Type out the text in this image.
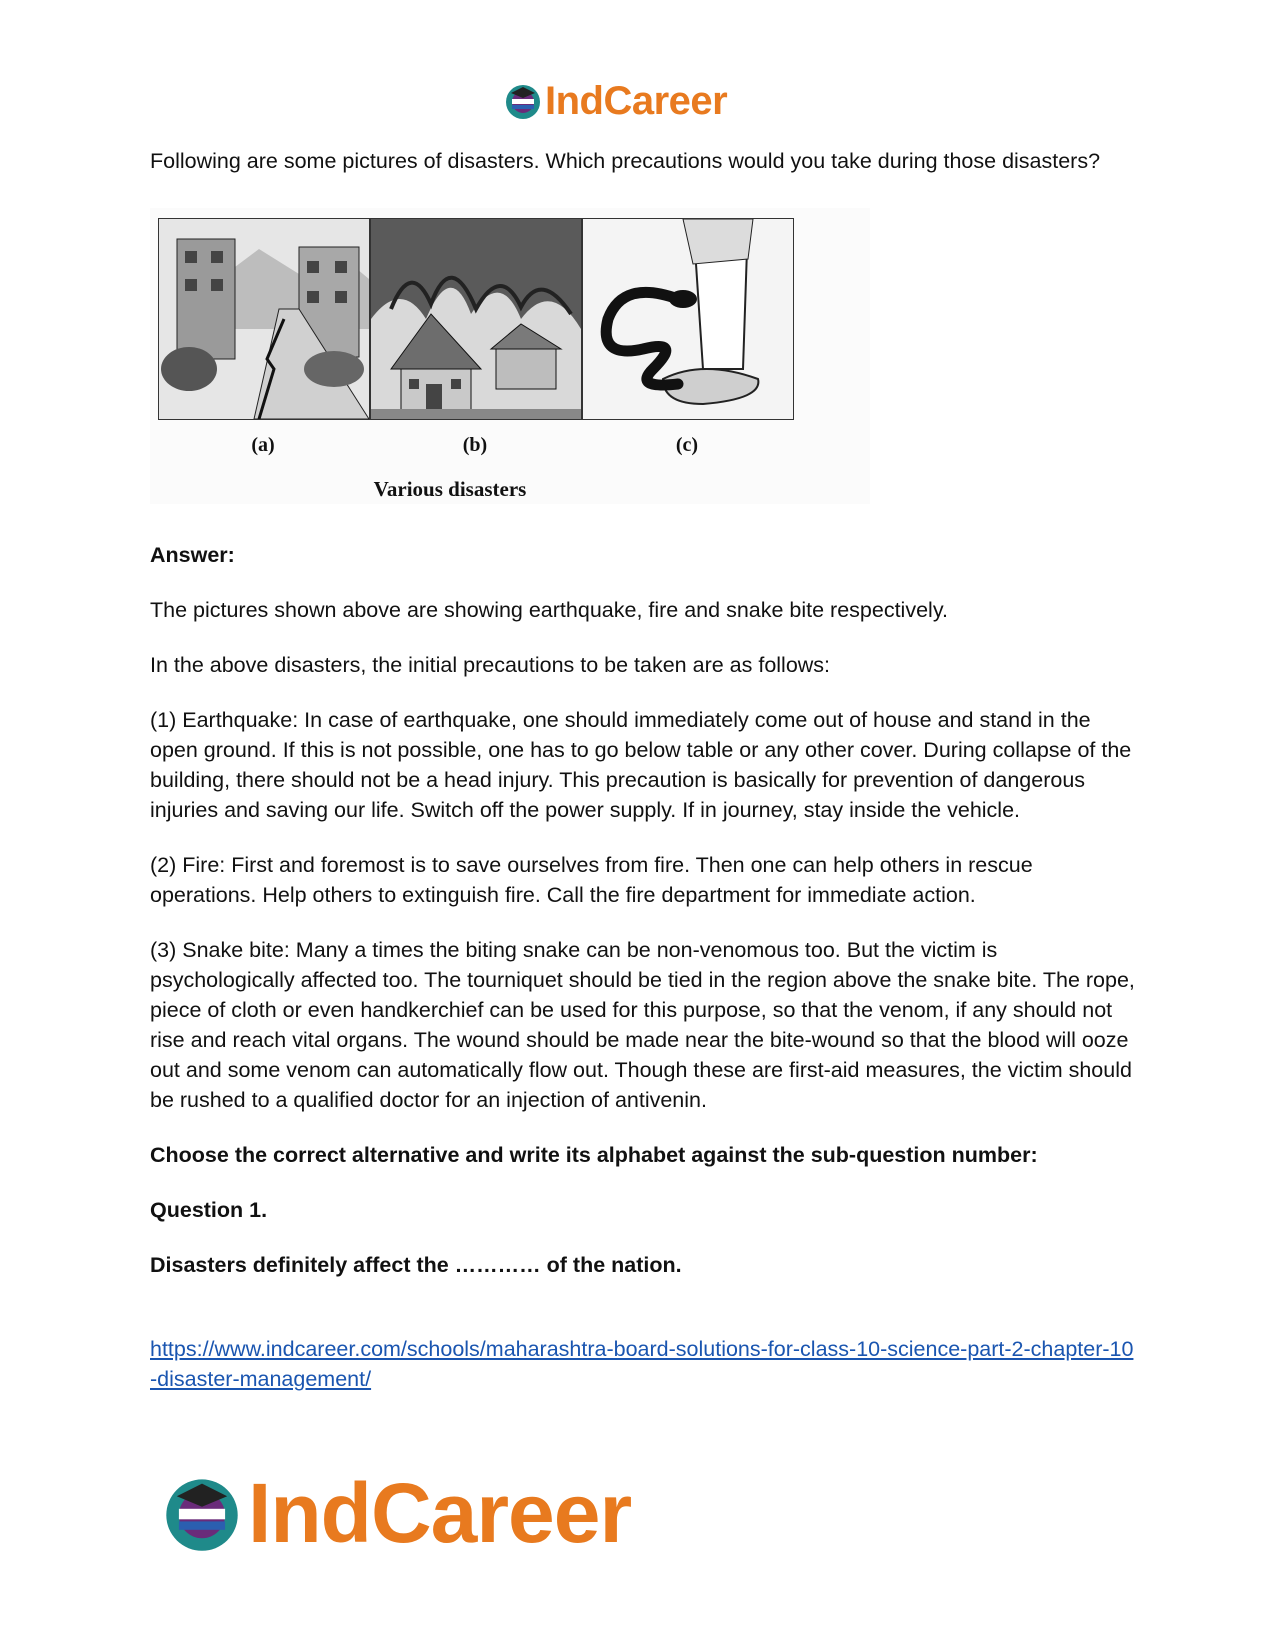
IndCareer

Following are some pictures of disasters. Which precautions would you take during those disasters?

(a)	(b)	(c)
Various disasters

Answer:

The pictures shown above are showing earthquake, fire and snake bite respectively.

In the above disasters, the initial precautions to be taken are as follows:

(1) Earthquake: In case of earthquake, one should immediately come out of house and stand in the open ground. If this is not possible, one has to go below table or any other cover. During collapse of the building, there should not be a head injury. This precaution is basically for prevention of dangerous injuries and saving our life. Switch off the power supply. If in journey, stay inside the vehicle.

(2) Fire: First and foremost is to save ourselves from fire. Then one can help others in rescue operations. Help others to extinguish fire. Call the fire department for immediate action.

(3) Snake bite: Many a times the biting snake can be non-venomous too. But the victim is psychologically affected too. The tourniquet should be tied in the region above the snake bite. The rope, piece of cloth or even handkerchief can be used for this purpose, so that the venom, if any should not rise and reach vital organs. The wound should be made near the bite-wound so that the blood will ooze out and some venom can automatically flow out. Though these are first-aid measures, the victim should be rushed to a qualified doctor for an injection of antivenin.

Choose the correct alternative and write its alphabet against the sub-question number:

Question 1.

Disasters definitely affect the ………… of the nation.

https://www.indcareer.com/schools/maharashtra-board-solutions-for-class-10-science-part-2-chapter-10-disaster-management/

IndCareer
